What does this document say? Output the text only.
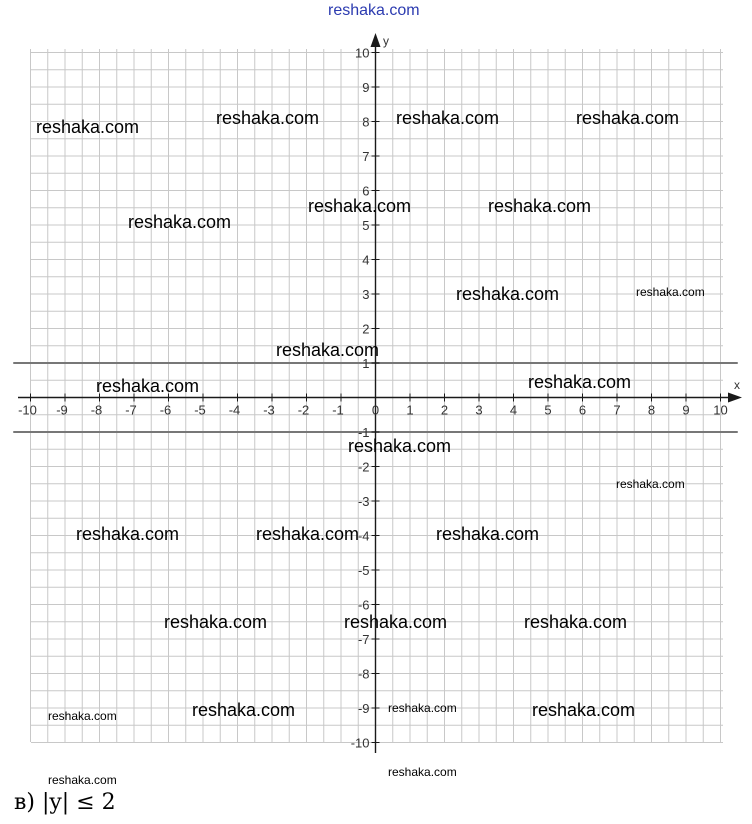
-10 -9 -8 -7 -6 -5 -4 -3 -2 -1 0 1 2 3 4 5 6 7 8 9 10
-10
-9
-8
-7
-6
-5
-4
-3
-2
-1
1
2
3
4
5
6
7
8
9
10
x
y
reshaka.com
reshaka.com	reshaka.com	reshaka.com	reshaka.com
reshaka.com	reshaka.com
reshaka.com
reshaka.com	reshaka.com
reshaka.com
reshaka.com
reshaka.com
reshaka.com
reshaka.com
reshaka.com	reshaka.com	reshaka.com
reshaka.com	reshaka.com	reshaka.com
reshaka.com	reshaka.com	reshaka.com
reshaka.com
reshaka.com
reshaka.com
в) |y| ≤ 2
